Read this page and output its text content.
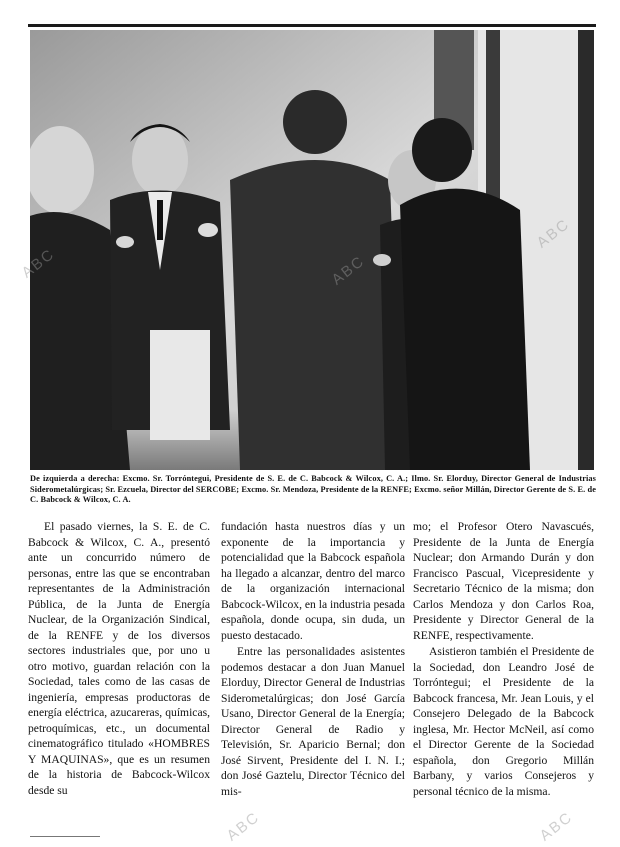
De izquierda a derecha: Excmo. Sr. Torróntegui, Presidente de S. E. de C. Babcock & Wilcox, C. A.; Ilmo. Sr. Elorduy, Director General de Industrias Siderometalúrgicas; Sr. Ezcuela, Director del SERCOBE; Excmo. Sr. Mendoza, Presidente de la RENFE; Excmo. señor Millán, Director Gerente de S. E. de C. Babcock & Wilcox, C. A.

El pasado viernes, la S. E. de C. Babcock & Wilcox, C. A., presentó ante un concurrido número de personas, entre las que se encontraban representantes de la Administración Pública, de la Junta de Energía Nuclear, de la Organización Sindical, de la RENFE y de los diversos sectores industriales que, por uno u otro motivo, guardan relación con la Sociedad, tales como de las casas de ingeniería, empresas productoras de energía eléctrica, azucareras, químicas, petroquímicas, etc., un documental cinematográfico titulado «HOMBRES Y MAQUINAS», que es un resumen de la historia de Babcock-Wilcox desde su

fundación hasta nuestros días y un exponente de la importancia y potencialidad que la Babcock española ha llegado a alcanzar, dentro del marco de la organización internacional Babcock-Wilcox, en la industria pesada española, donde ocupa, sin duda, un puesto destacado.

Entre las personalidades asistentes podemos destacar a don Juan Manuel Elorduy, Director General de Industrias Siderometalúrgicas; don José García Usano, Director General de la Energía; Director General de Radio y Televisión, Sr. Aparicio Bernal; don José Sirvent, Presidente del I. N. I.; don José Gaztelu, Director Técnico del mis-

mo; el Profesor Otero Navascués, Presidente de la Junta de Energía Nuclear; don Armando Durán y don Francisco Pascual, Vicepresidente y Secretario Técnico de la misma; don Carlos Mendoza y don Carlos Roa, Presidente y Director General de la RENFE, respectivamente.

Asistieron también el Presidente de la Sociedad, don Leandro José de Torróntegui; el Presidente de la Babcock francesa, Mr. Jean Louis, y el Consejero Delegado de la Babcock inglesa, Mr. Hector McNeil, así como el Director Gerente de la Sociedad española, don Gregorio Millán Barbany, y varios Consejeros y personal técnico de la misma.

ABC	ABC
ABC
ABC	ABC
